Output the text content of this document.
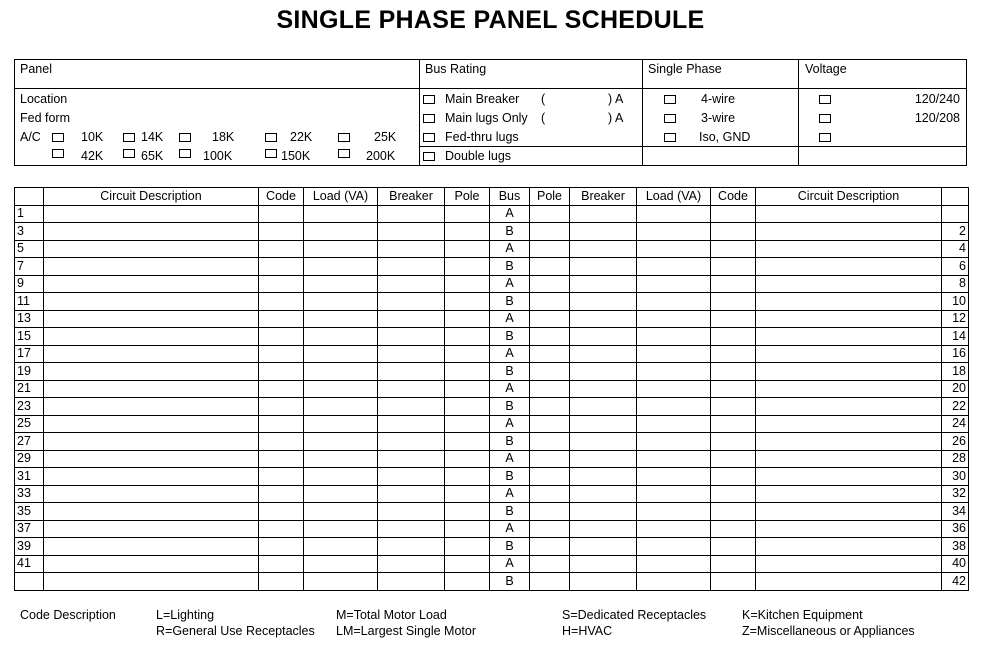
SINGLE PHASE PANEL SCHEDULE
Panel
Location
Fed form
A/C	10K	14K	18K	22K	25K
42K	65K	100K	150K	200K
Bus Rating
Main Breaker (	) A
Main lugs Only (	) A
Fed-thru lugs
Double lugs
Single Phase
4-wire
3-wire
Iso, GND
Voltage
120/240
120/208
	Circuit Description	Code	Load (VA)	Breaker	Pole	Bus	Pole	Breaker	Load (VA)	Code	Circuit Description	
1						A						
3						B						2
5						A						4
7						B						6
9						A						8
11						B						10
13						A						12
15						B						14
17						A						16
19						B						18
21						A						20
23						B						22
25						A						24
27						B						26
29						A						28
31						B						30
33						A						32
35						B						34
37						A						36
39						B						38
41						A						40
						B						42
Code Description	L=Lighting
R=General Use Receptacles
M=Total Motor Load
LM=Largest Single Motor
S=Dedicated Receptacles
H=HVAC
K=Kitchen Equipment
Z=Miscellaneous or Appliances
